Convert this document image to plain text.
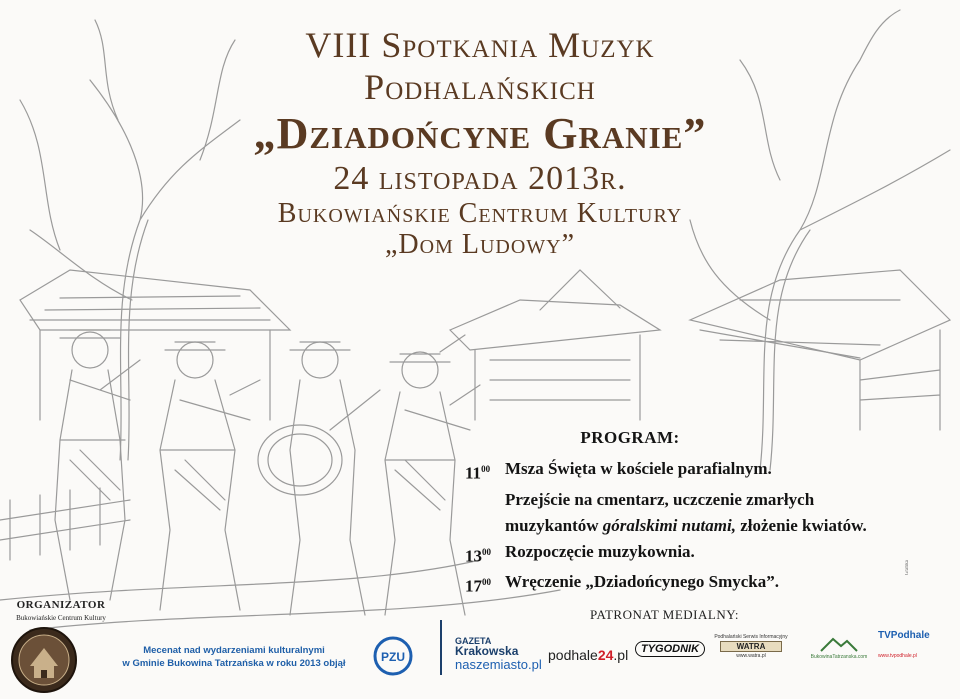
VIII Spotkania Muzyk
Podhalańskich
„Dziadońcyne Granie”
24 listopada 2013r.
Bukowiańskie Centrum Kultury
„Dom Ludowy”
PROGRAM:
$11^{00}$ Msza Święta w kościele parafialnym.
Przejście na cmentarz, uczczenie zmarłych
muzykantów góralskimi nutami, złożenie kwiatów.
$13^{00}$ Rozpoczęcie muzykownia.
$17^{00}$ Wręczenie „Dziadońcynego Smycka”.
Grafika
ORGANIZATOR
Bukowiańskie Centrum Kultury
Mecenat nad wydarzeniami kulturalnymi
w Gminie Bukowina Tatrzańska w roku 2013 objął	PZU
GAZETA
Krakowska
naszemiasto.pl
PATRONAT MEDIALNY:
podhale24.pl	TYGODNIK
Podhalański Serwis Informacyjny
WATRA
www.watra.pl	BukowinaTatrzanska.com
TVPodhale
www.tvpodhale.pl
